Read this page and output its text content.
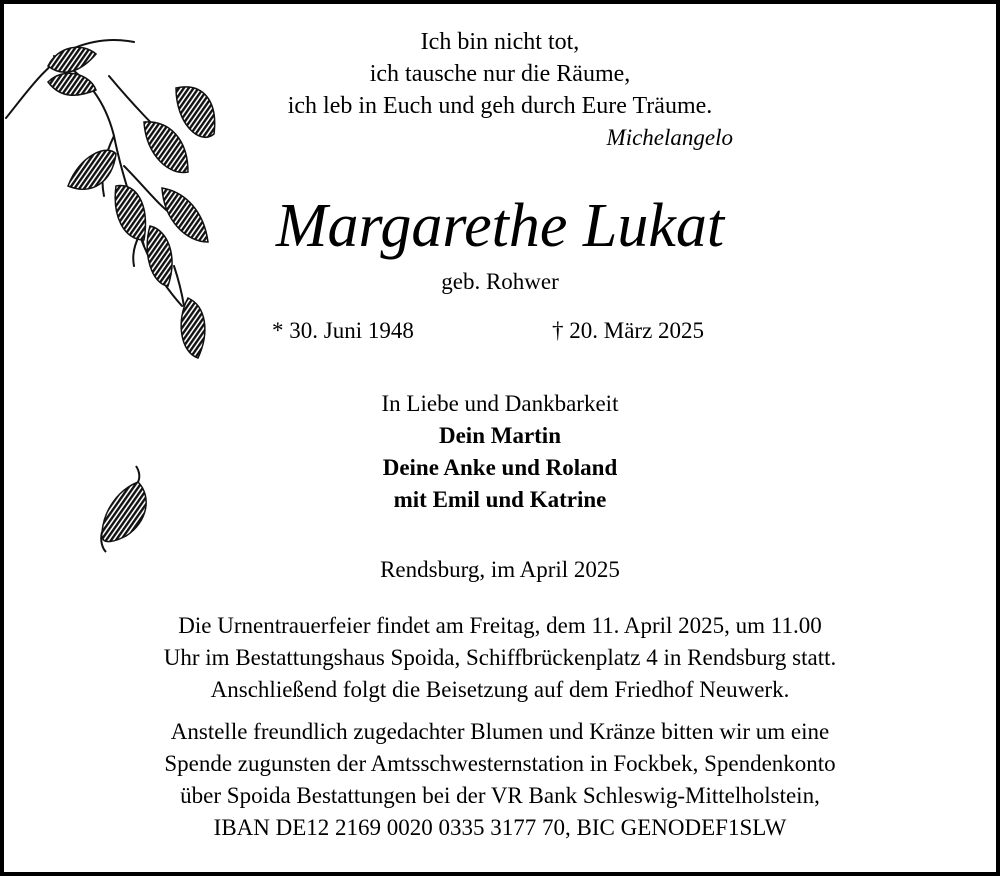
Ich bin nicht tot,
ich tausche nur die Räume,
ich leb in Euch und geh durch Eure Träume.
Michelangelo
Margarethe Lukat
geb. Rohwer
* 30. Juni 1948	† 20. März 2025
In Liebe und Dankbarkeit
Dein Martin
Deine Anke und Roland
mit Emil und Katrine
Rendsburg, im April 2025
Die Urnentrauerfeier findet am Freitag, dem 11. April 2025, um 11.00
Uhr im Bestattungshaus Spoida, Schiffbrückenplatz 4 in Rendsburg statt.
Anschließend folgt die Beisetzung auf dem Friedhof Neuwerk.
Anstelle freundlich zugedachter Blumen und Kränze bitten wir um eine
Spende zugunsten der Amtsschwesternstation in Fockbek, Spendenkonto
über Spoida Bestattungen bei der VR Bank Schleswig-Mittelholstein,
IBAN DE12 2169 0020 0335 3177 70, BIC GENODEF1SLW
